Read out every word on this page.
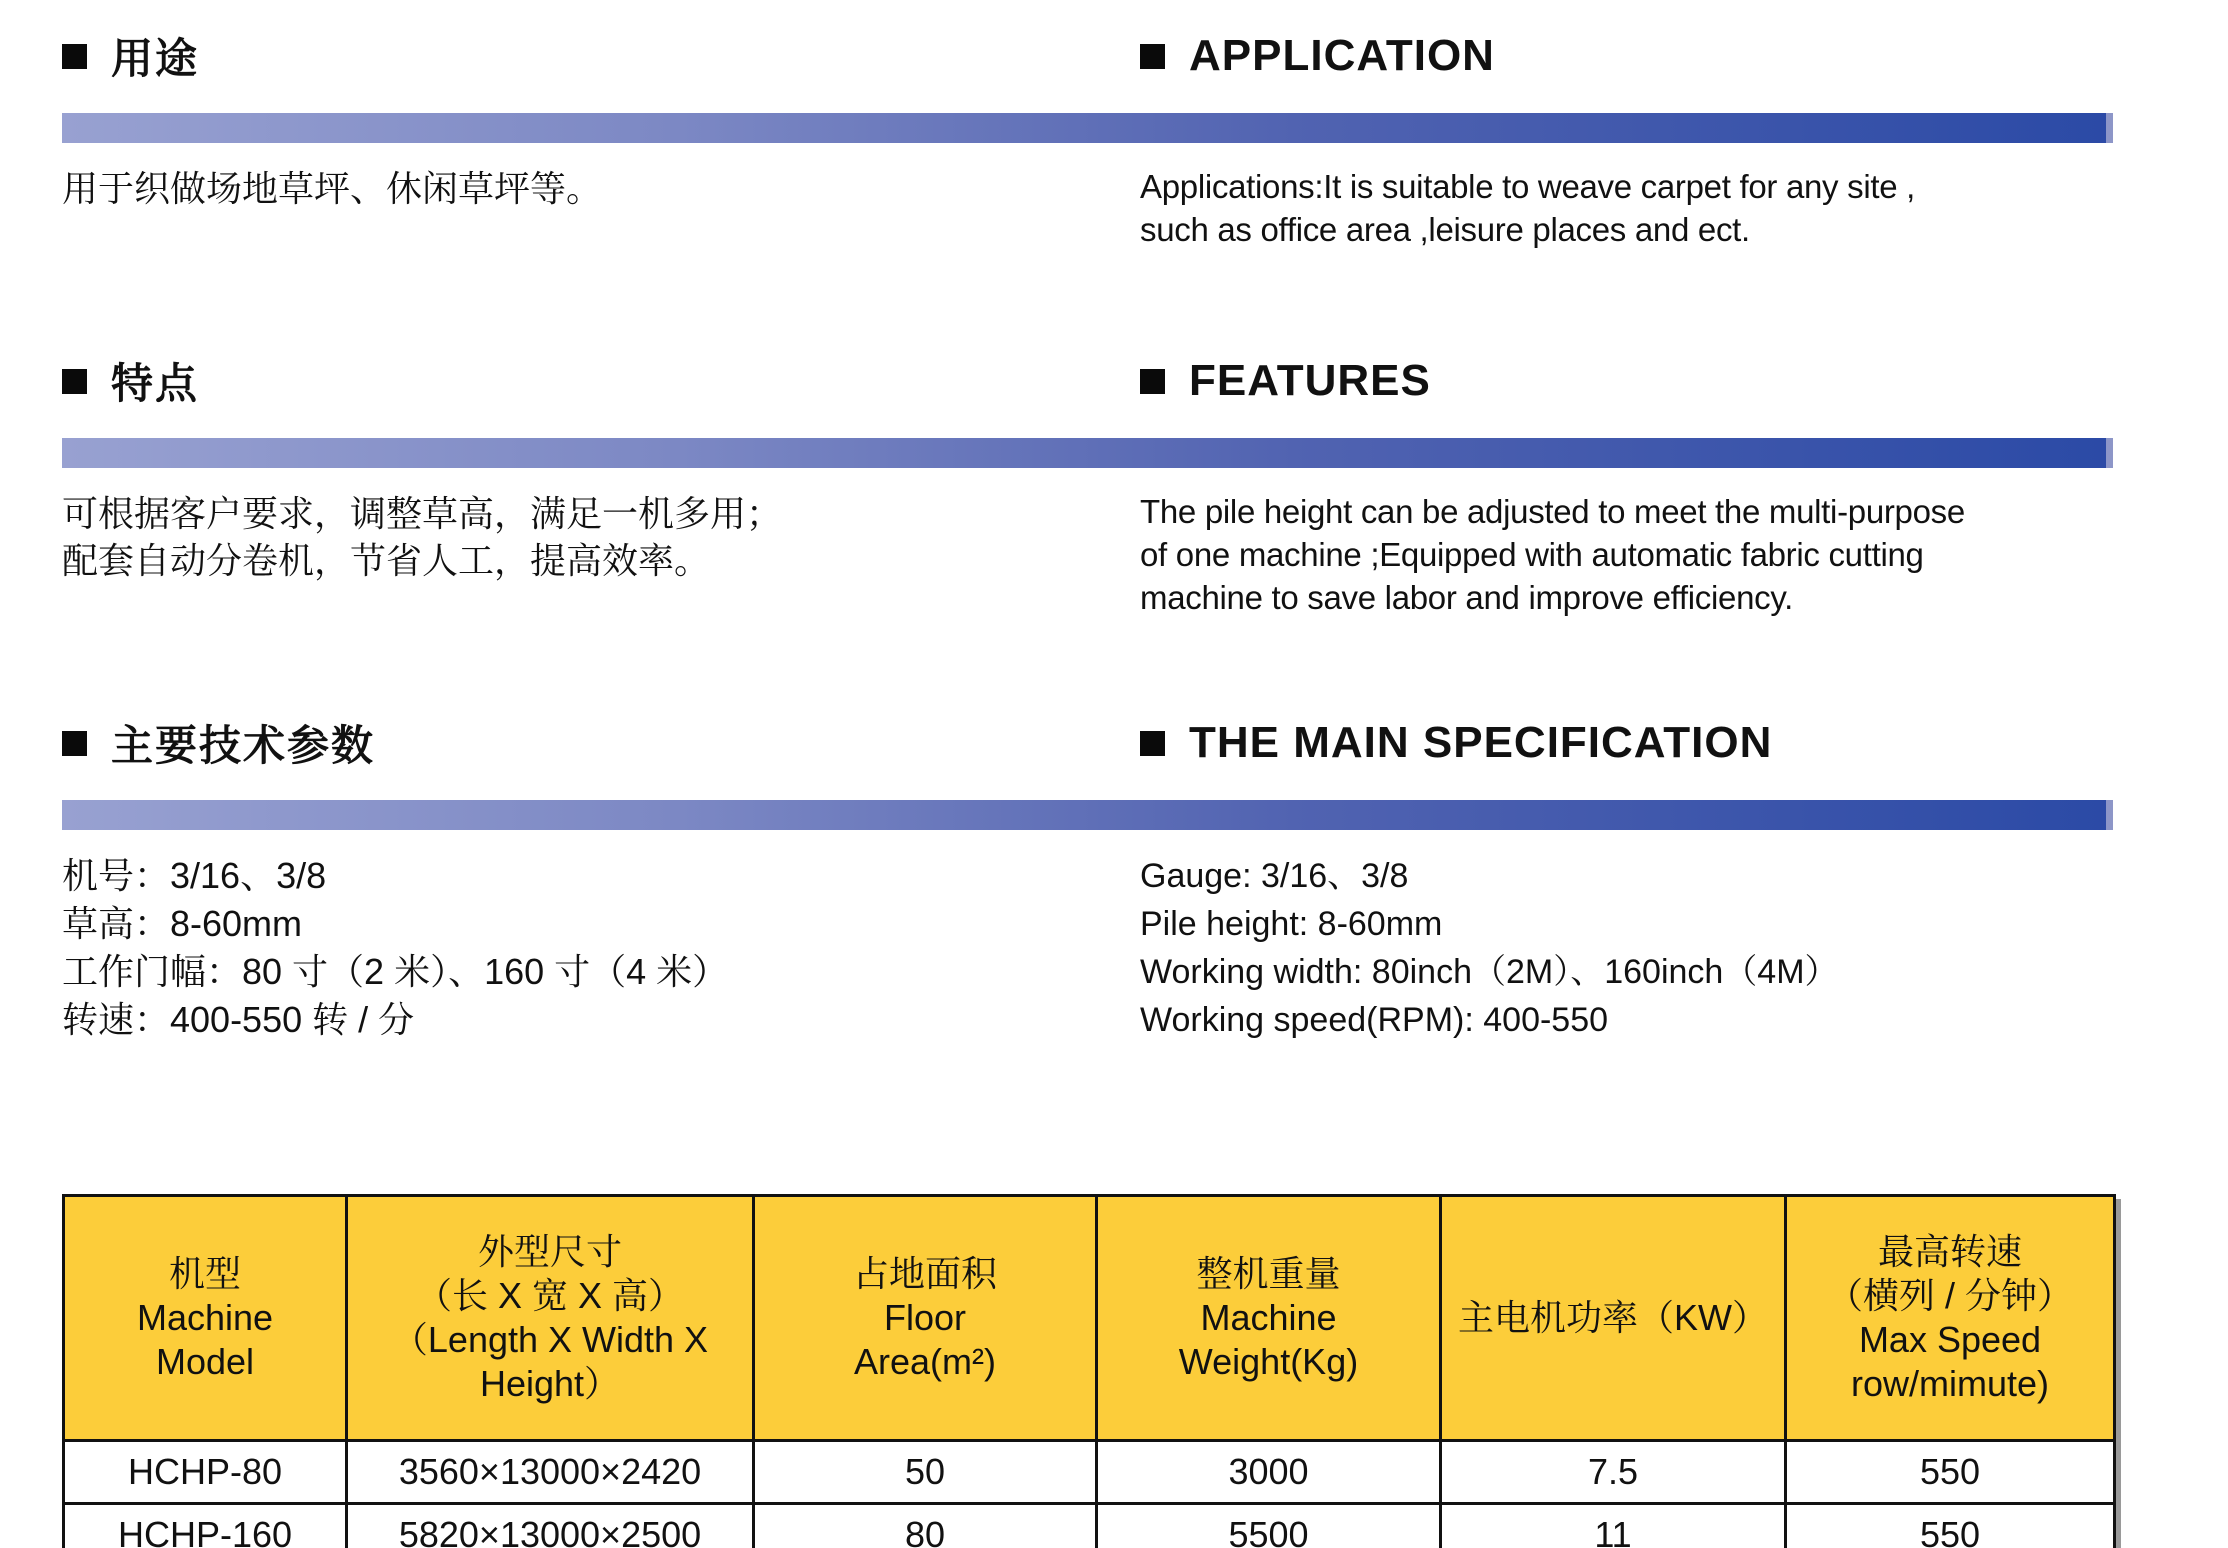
用途	APPLICATION
用于织做场地草坪、休闲草坪等。	Applications:It is suitable to weave carpet for any site ,
such as office area ,leisure places and ect.
特点	FEATURES
可根据客户要求，调整草高，满足一机多用；
配套自动分卷机，节省人工，提高效率。
The pile height can be adjusted to meet the multi-purpose
of one machine ;Equipped with automatic fabric cutting
machine to save labor and improve efficiency.
主要技术参数	THE MAIN SPECIFICATION
机号：3/16、3/8
草高：8-60mm
工作门幅：80 寸（2 米）、160 寸（4 米）
转速：400-550 转 / 分
Gauge: 3/16、3/8
Pile height: 8-60mm
Working width: 80inch（2M）、160inch（4M）
Working speed(RPM): 400-550
机型
Machine
Model

外型尺寸
（长 X 宽 X 高）
（Length X Width X
Height）

占地面积
Floor
Area(m²)

整机重量
Machine
Weight(Kg)

主电机功率（KW）

最高转速
（横列 / 分钟）
Max Speed
row/mimute)

HCHP-80	3560×13000×2420	50	3000	7.5	550
HCHP-160	5820×13000×2500	80	5500	11	550
